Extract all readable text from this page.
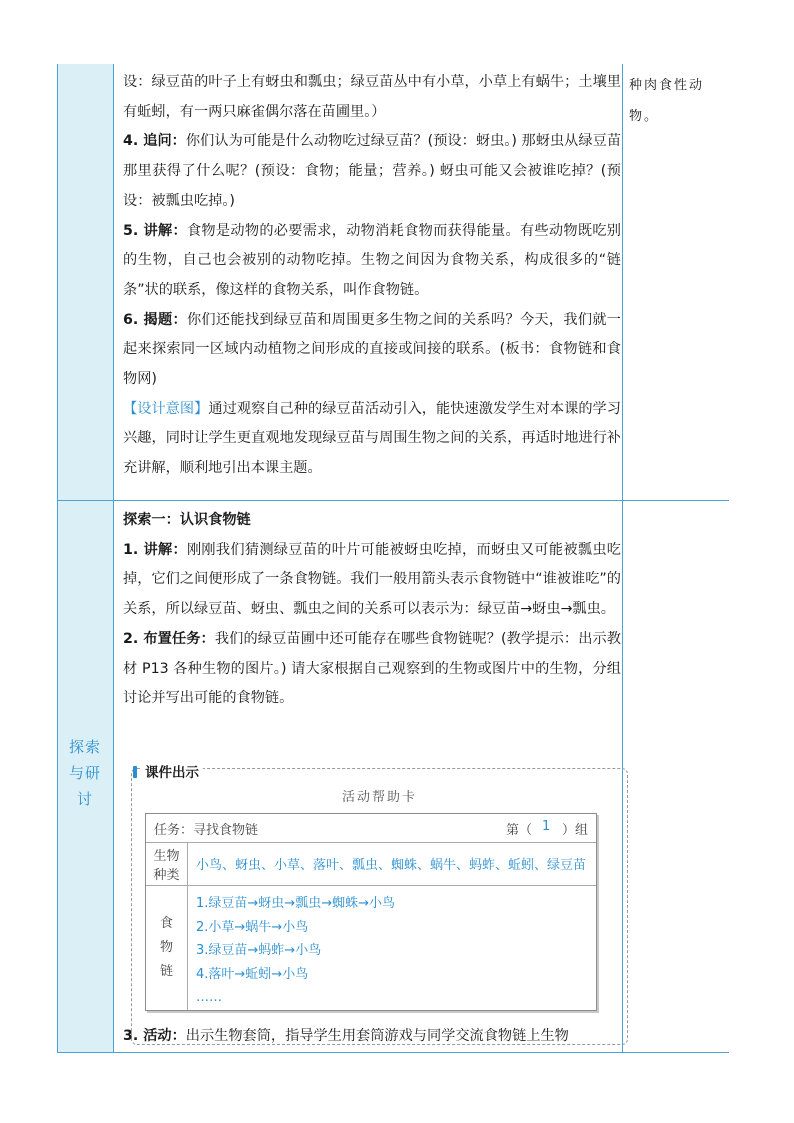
探索与研讨

设：绿豆苗的叶子上有蚜虫和瓢虫；绿豆苗丛中有小草，小草上有蜗牛；土壤里有蚯蚓，有一两只麻雀偶尔落在苗圃里。）

4. 追问：你们认为可能是什么动物吃过绿豆苗？(预设：蚜虫。) 那蚜虫从绿豆苗那里获得了什么呢？(预设：食物；能量；营养。) 蚜虫可能又会被谁吃掉？(预设：被瓢虫吃掉。)

5. 讲解：食物是动物的必要需求，动物消耗食物而获得能量。有些动物既吃别的生物，自己也会被别的动物吃掉。生物之间因为食物关系，构成很多的“链条”状的联系，像这样的食物关系，叫作食物链。

6. 揭题：你们还能找到绿豆苗和周围更多生物之间的关系吗？今天，我们就一起来探索同一区域内动植物之间形成的直接或间接的联系。(板书：食物链和食物网)

【设计意图】通过观察自己种的绿豆苗活动引入，能快速激发学生对本课的学习兴趣，同时让学生更直观地发现绿豆苗与周围生物之间的关系，再适时地进行补充讲解，顺利地引出本课主题。

种肉食性动物。

探索一：认识食物链

1. 讲解：刚刚我们猜测绿豆苗的叶片可能被蚜虫吃掉，而蚜虫又可能被瓢虫吃掉，它们之间便形成了一条食物链。我们一般用箭头表示食物链中“谁被谁吃”的关系，所以绿豆苗、蚜虫、瓢虫之间的关系可以表示为：绿豆苗→蚜虫→瓢虫。

2. 布置任务：我们的绿豆苗圃中还可能存在哪些食物链呢？(教学提示：出示教材 P13 各种生物的图片。) 请大家根据自己观察到的生物或图片中的生物，分组讨论并写出可能的食物链。

3. 活动：出示生物套筒，指导学生用套筒游戏与同学交流食物链上生物

课件出示
活动帮助卡
任务： 寻找食物链	第（ 1 ）组
生物
种类
小鸟、蚜虫、小草、落叶、瓢虫、蜘蛛、蜗牛、蚂蚱、蚯蚓、绿豆苗
食
物
链
1.绿豆苗→蚜虫→瓢虫→蜘蛛→小鸟
2.小草→蜗牛→小鸟
3.绿豆苗→蚂蚱→小鸟
4.落叶→蚯蚓→小鸟
……
